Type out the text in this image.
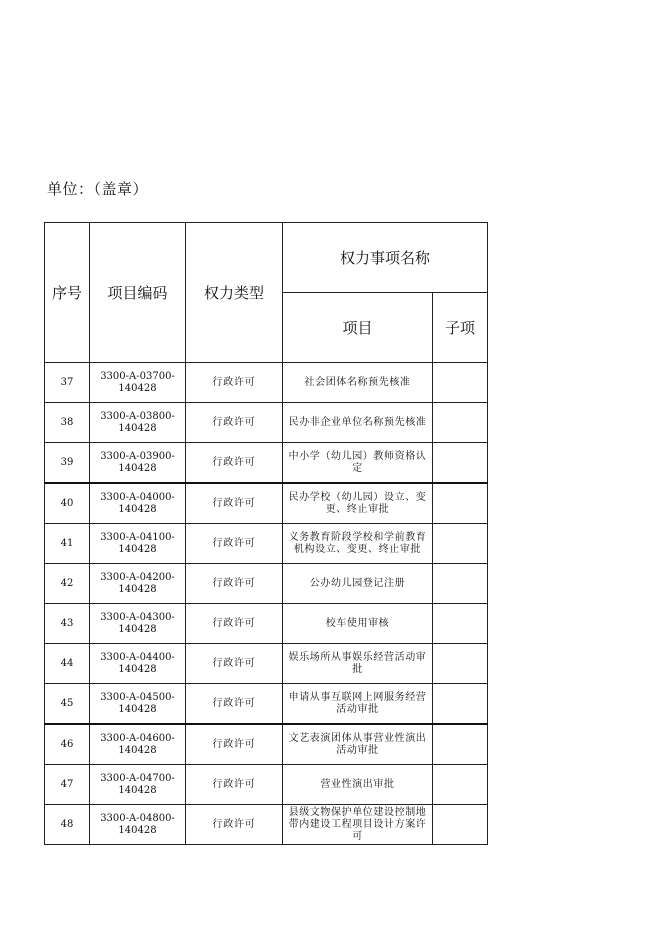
单位：（盖章）
序号	项目编码	权力类型	权力事项名称	
			项目	子项
37	3300-A-03700-140428	行政许可	社会团体名称预先核准	
38	3300-A-03800-140428	行政许可	民办非企业单位名称预先核准	
39	3300-A-03900-140428	行政许可	中小学（幼儿园）教师资格认定	
40	3300-A-04000-140428	行政许可	民办学校（幼儿园）设立、变更、终止审批	
41	3300-A-04100-140428	行政许可	义务教育阶段学校和学前教育机构设立、变更、终止审批	
42	3300-A-04200-140428	行政许可	公办幼儿园登记注册	
43	3300-A-04300-140428	行政许可	校车使用审核	
44	3300-A-04400-140428	行政许可	娱乐场所从事娱乐经营活动审批	
45	3300-A-04500-140428	行政许可	申请从事互联网上网服务经营活动审批	
46	3300-A-04600-140428	行政许可	文艺表演团体从事营业性演出活动审批	
47	3300-A-04700-140428	行政许可	营业性演出审批	
48	3300-A-04800-140428	行政许可	县级文物保护单位建设控制地带内建设工程项目设计方案许可	
